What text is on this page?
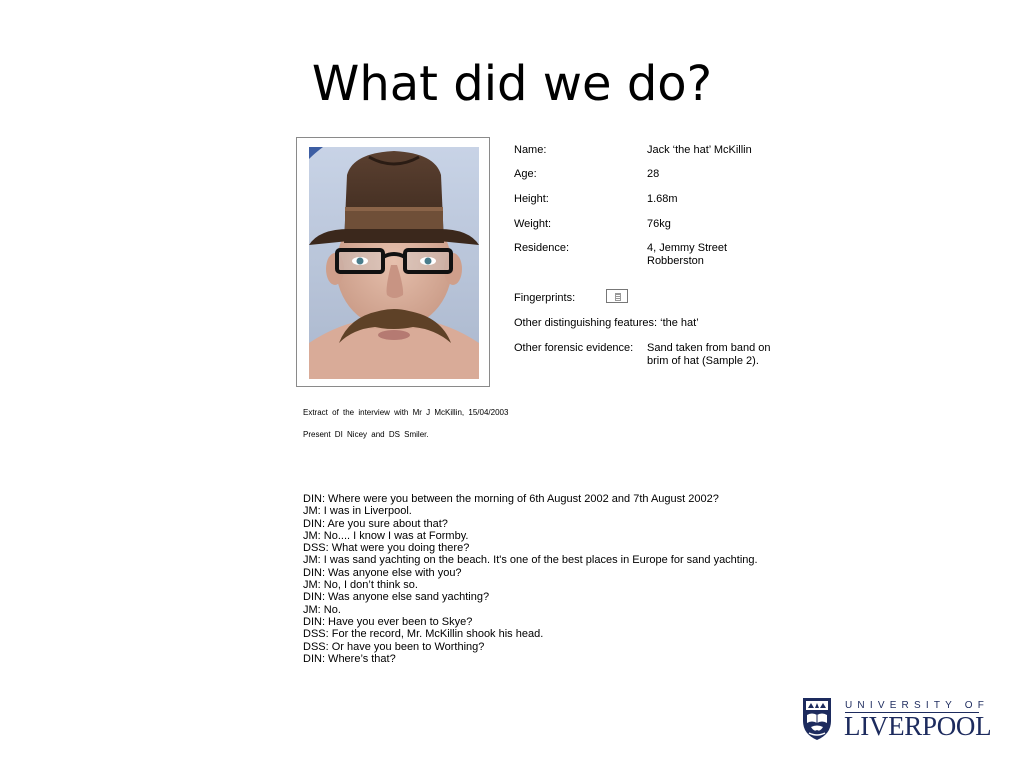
What did we do?
Name:	Jack ‘the hat’ McKillin
Age:	28
Height:	1.68m
Weight:	76kg
Residence:	4, Jemmy Street
Robberston
Fingerprints:
Other distinguishing features: ‘the hat’
Other forensic evidence: Sand taken from band on
brim of hat (Sample 2).
Extract of the interview with Mr J McKillin, 15/04/2003
Present DI Nicey and DS Smiler.
DIN: Where were you between the morning of 6th August 2002 and 7th August 2002?
JM: I was in Liverpool.
DIN: Are you sure about that?
JM: No.... I know I was at Formby.
DSS: What were you doing there?
JM: I was sand yachting on the beach. It's one of the best places in Europe for sand yachting.
DIN: Was anyone else with you?
JM: No, I don’t think so.
DIN: Was anyone else sand yachting?
JM: No.
DIN: Have you ever been to Skye?
DSS: For the record, Mr. McKillin shook his head.
DSS: Or have you been to Worthing?
DIN: Where’s that?
UNIVERSITY OF
LIVERPOOL
